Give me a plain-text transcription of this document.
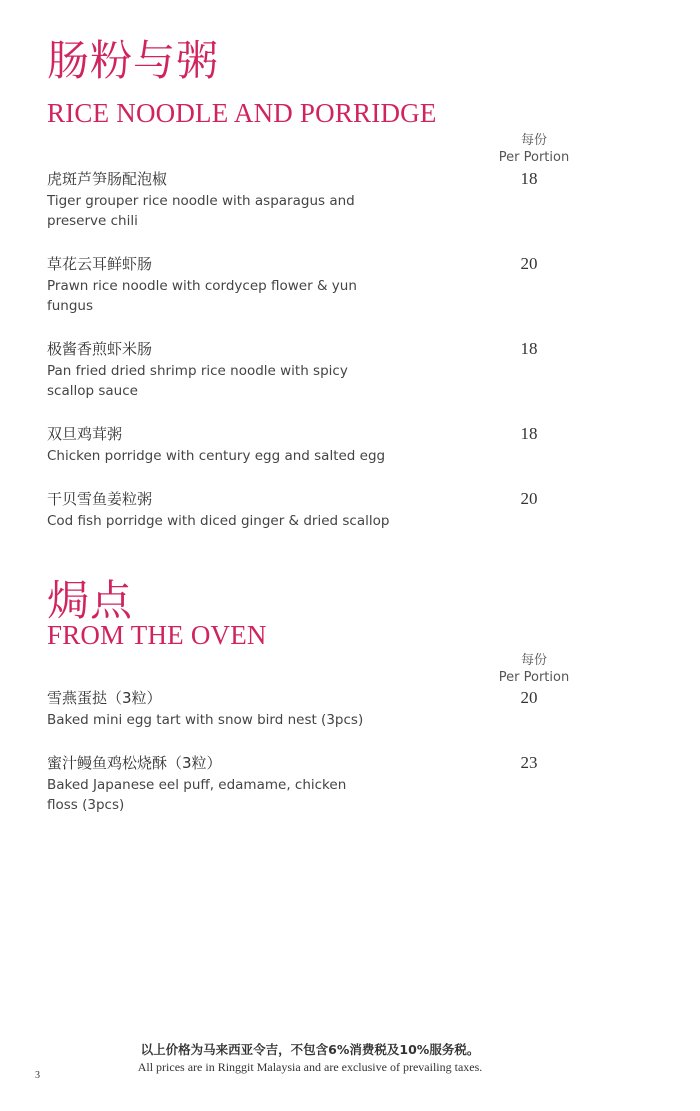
肠粉与粥
RICE NOODLE AND PORRIDGE
每份
Per Portion
虎斑芦笋肠配泡椒
Tiger grouper rice noodle with asparagus and preserve chili
18
草花云耳鲜虾肠
Prawn rice noodle with cordycep flower & yun fungus
20
极酱香煎虾米肠
Pan fried dried shrimp rice noodle with spicy scallop sauce
18
双旦鸡茸粥
Chicken porridge with century egg and salted egg
18
干贝雪鱼姜粒粥
Cod fish porridge with diced ginger & dried scallop
20
焗点
FROM THE OVEN
每份
Per Portion
雪燕蛋挞（3粒）
Baked mini egg tart with snow bird nest (3pcs)
20
蜜汁鳗鱼鸡松烧酥（3粒）
Baked Japanese eel puff, edamame, chicken floss (3pcs)
23
以上价格为马来西亚令吉，不包含6%消费税及10%服务税。
All prices are in Ringgit Malaysia and are exclusive of prevailing taxes.
3
